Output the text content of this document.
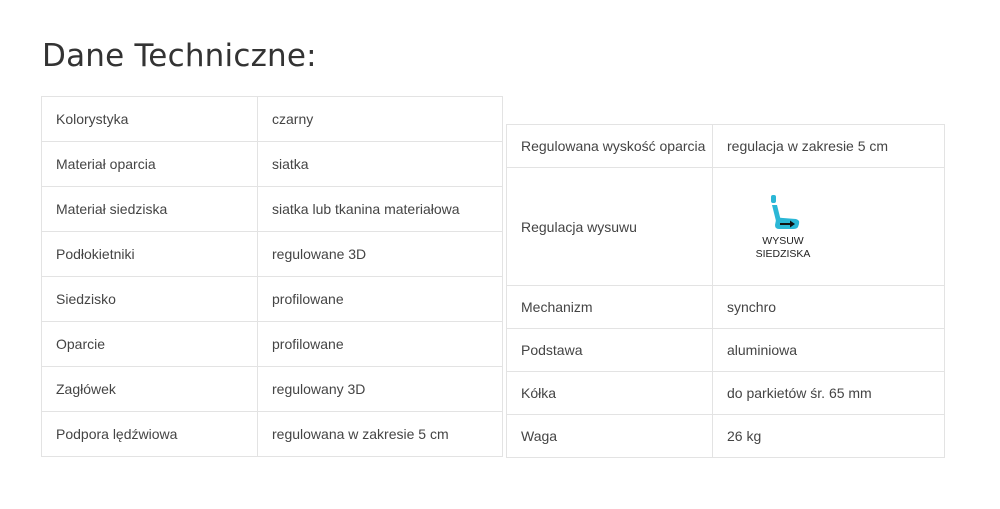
Dane Techniczne:
Kolorystyka	czarny
Materiał oparcia	siatka
Materiał siedziska	siatka lub tkanina materiałowa
Podłokietniki	regulowane 3D
Siedzisko	profilowane
Oparcie	profilowane
Zagłówek	regulowany 3D
Podpora lędźwiowa	regulowana w zakresie 5 cm
Regulowana wyskość oparcia	regulacja w zakresie 5 cm
Regulacja wysuwu	WYSUW
SIEDZISKA

Mechanizm	synchro
Podstawa	aluminiowa
Kółka	do parkietów śr. 65 mm
Waga	26 kg
